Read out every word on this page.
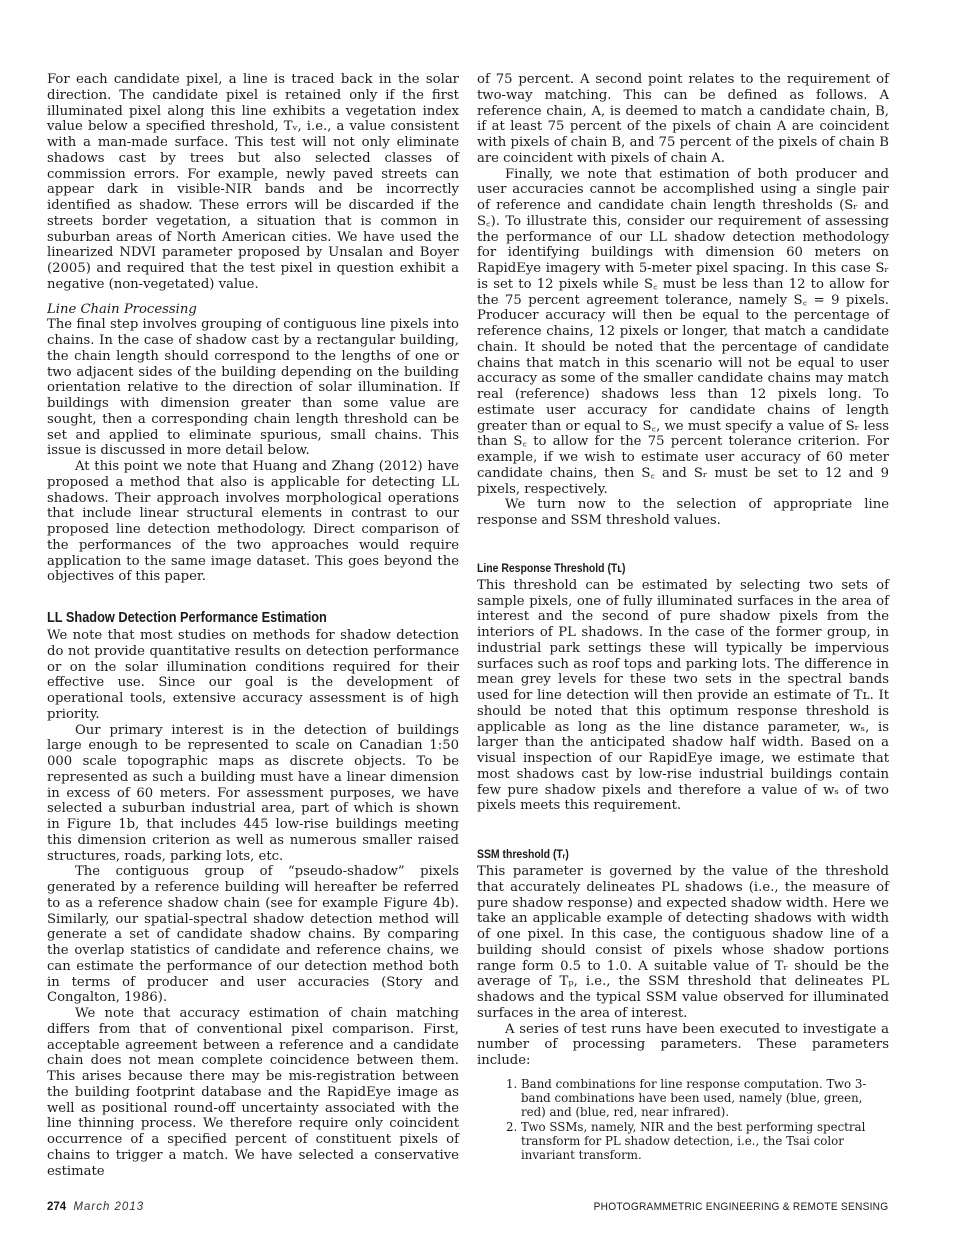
For each candidate pixel, a line is traced back in the solar direction. The candidate pixel is retained only if the first illuminated pixel along this line exhibits a vegetation index value below a specified threshold, Tᵥ, i.e., a value consistent with a man-made surface. This test will not only eliminate shadows cast by trees but also selected classes of commission errors. For example, newly paved streets can appear dark in visible-NIR bands and be incorrectly identified as shadow. These errors will be discarded if the streets border vegetation, a situation that is common in suburban areas of North American cities. We have used the linearized NDVI parameter proposed by Unsalan and Boyer (2005) and required that the test pixel in question exhibit a negative (non-vegetated) value.

Line Chain Processing

The final step involves grouping of contiguous line pixels into chains. In the case of shadow cast by a rectangular building, the chain length should correspond to the lengths of one or two adjacent sides of the building depending on the building orientation relative to the direction of solar illumination. If buildings with dimension greater than some value are sought, then a corresponding chain length threshold can be set and applied to eliminate spurious, small chains. This issue is discussed in more detail below.

At this point we note that Huang and Zhang (2012) have proposed a method that also is applicable for detecting LL shadows. Their approach involves morphological operations that include linear structural elements in contrast to our proposed line detection methodology. Direct comparison of the performances of the two approaches would require application to the same image dataset. This goes beyond the objectives of this paper.

LL Shadow Detection Performance Estimation

We note that most studies on methods for shadow detection do not provide quantitative results on detection performance or on the solar illumination conditions required for their effective use. Since our goal is the development of operational tools, extensive accuracy assessment is of high priority.

Our primary interest is in the detection of buildings large enough to be represented to scale on Canadian 1:50 000 scale topographic maps as discrete objects. To be represented as such a building must have a linear dimension in excess of 60 meters. For assessment purposes, we have selected a suburban industrial area, part of which is shown in Figure 1b, that includes 445 low-rise buildings meeting this dimension criterion as well as numerous smaller raised structures, roads, parking lots, etc.

The contiguous group of “pseudo-shadow” pixels generated by a reference building will hereafter be referred to as a reference shadow chain (see for example Figure 4b). Similarly, our spatial-spectral shadow detection method will generate a set of candidate shadow chains. By comparing the overlap statistics of candidate and reference chains, we can estimate the performance of our detection method both in terms of producer and user accuracies (Story and Congalton, 1986).

We note that accuracy estimation of chain matching differs from that of conventional pixel comparison. First, acceptable agreement between a reference and a candidate chain does not mean complete coincidence between them. This arises because there may be mis-registration between the building footprint database and the RapidEye image as well as positional round-off uncertainty associated with the line thinning process. We therefore require only coincident occurrence of a specified percent of constituent pixels of chains to trigger a match. We have selected a conservative estimate

of 75 percent. A second point relates to the requirement of two-way matching. This can be defined as follows. A reference chain, A, is deemed to match a candidate chain, B, if at least 75 percent of the pixels of chain A are coincident with pixels of chain B, and 75 percent of the pixels of chain B are coincident with pixels of chain A.

Finally, we note that estimation of both producer and user accuracies cannot be accomplished using a single pair of reference and candidate chain length thresholds (Sᵣ and S꜀). To illustrate this, consider our requirement of assessing the performance of our LL shadow detection methodology for identifying buildings with dimension 60 meters on RapidEye imagery with 5-meter pixel spacing. In this case Sᵣ is set to 12 pixels while S꜀ must be less than 12 to allow for the 75 percent agreement tolerance, namely S꜀ = 9 pixels. Producer accuracy will then be equal to the percentage of reference chains, 12 pixels or longer, that match a candidate chain. It should be noted that the percentage of candidate chains that match in this scenario will not be equal to user accuracy as some of the smaller candidate chains may match real (reference) shadows less than 12 pixels long. To estimate user accuracy for candidate chains of length greater than or equal to S꜀, we must specify a value of Sᵣ less than S꜀ to allow for the 75 percent tolerance criterion. For example, if we wish to estimate user accuracy of 60 meter candidate chains, then S꜀ and Sᵣ must be set to 12 and 9 pixels, respectively.

We turn now to the selection of appropriate line response and SSM threshold values.

Line Response Threshold (Tʟ)

This threshold can be estimated by selecting two sets of sample pixels, one of fully illuminated surfaces in the area of interest and the second of pure shadow pixels from the interiors of PL shadows. In the case of the former group, in industrial park settings these will typically be impervious surfaces such as roof tops and parking lots. The difference in mean grey levels for these two sets in the spectral bands used for line detection will then provide an estimate of Tʟ. It should be noted that this optimum response threshold is applicable as long as the line distance parameter, wₛ, is larger than the anticipated shadow half width. Based on a visual inspection of our RapidEye image, we estimate that most shadows cast by low-rise industrial buildings contain few pure shadow pixels and therefore a value of wₛ of two pixels meets this requirement.

SSM threshold (Tᵣ)

This parameter is governed by the value of the threshold that accurately delineates PL shadows (i.e., the measure of pure shadow response) and expected shadow width. Here we take an applicable example of detecting shadows with width of one pixel. In this case, the contiguous shadow line of a building should consist of pixels whose shadow portions range form 0.5 to 1.0. A suitable value of Tᵣ should be the average of Tₚ, i.e., the SSM threshold that delineates PL shadows and the typical SSM value observed for illuminated surfaces in the area of interest.

A series of test runs have been executed to investigate a number of processing parameters. These parameters include:

1. Band combinations for line response computation. Two 3-band combinations have been used, namely (blue, green, red) and (blue, red, near infrared).
2. Two SSMs, namely, NIR and the best performing spectral transform for PL shadow detection, i.e., the Tsai color invariant transform.
274 March 2013	PHOTOGRAMMETRIC ENGINEERING & REMOTE SENSING
